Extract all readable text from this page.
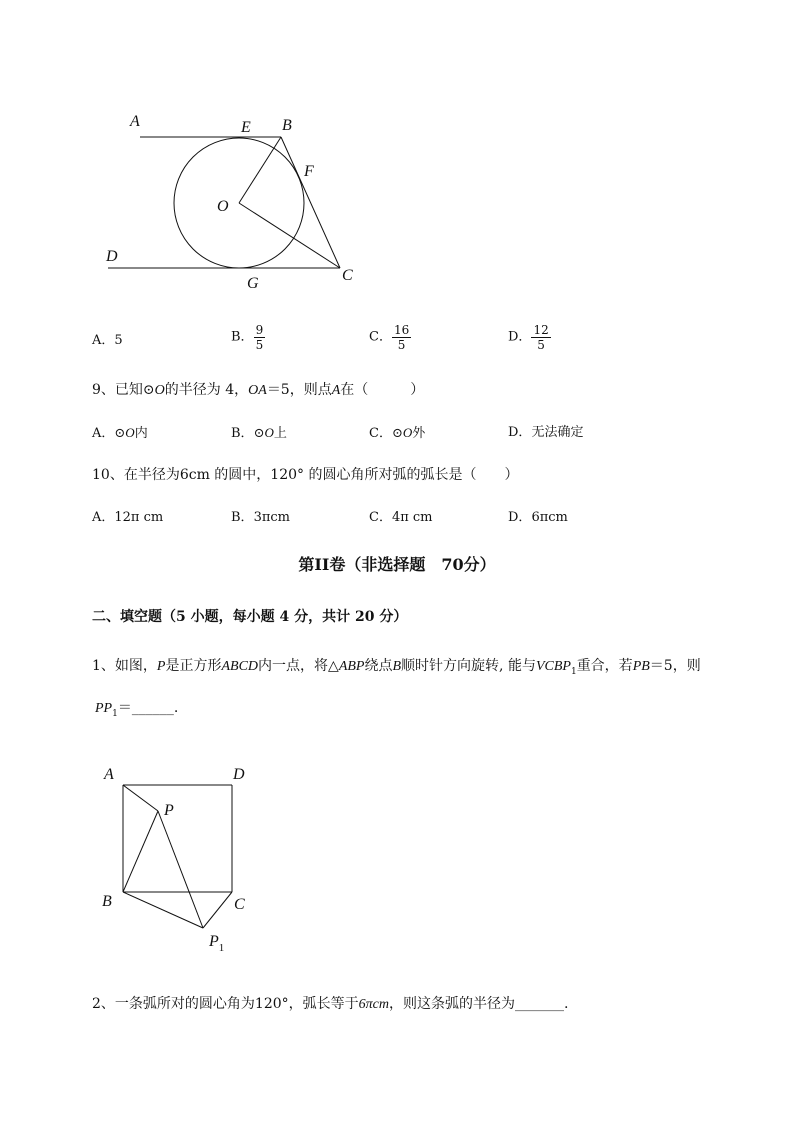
A	E B
F
O
D
G	C
A．5	B． $\frac{9}{5}$	C． $\frac{16}{5}$	D． $\frac{12}{5}$
9、已知⊙O的半径为 4，OA＝5，则点A在（　　　）
A．⊙O内	B．⊙O上	C．⊙O外	D．无法确定
10、在半径为6cm 的圆中，120° 的圆心角所对弧的弧长是（　　）
A．12π cm	B．3πcm	C．4π cm	D．6πcm
第II卷（非选择题　70分）
二、填空题（5 小题，每小题 4 分，共计 20 分）
1、如图，P是正方形ABCD内一点，将△ABP绕点B顺时针方向旋转, 能与$VCBP_1$重合，若PB＝5，则
$PP_1=\_\_\_\_\_\_$.
A	D
P
B	C
$P_1$
2、一条弧所对的圆心角为120°，弧长等于6πcm，则这条弧的半径为_______.
